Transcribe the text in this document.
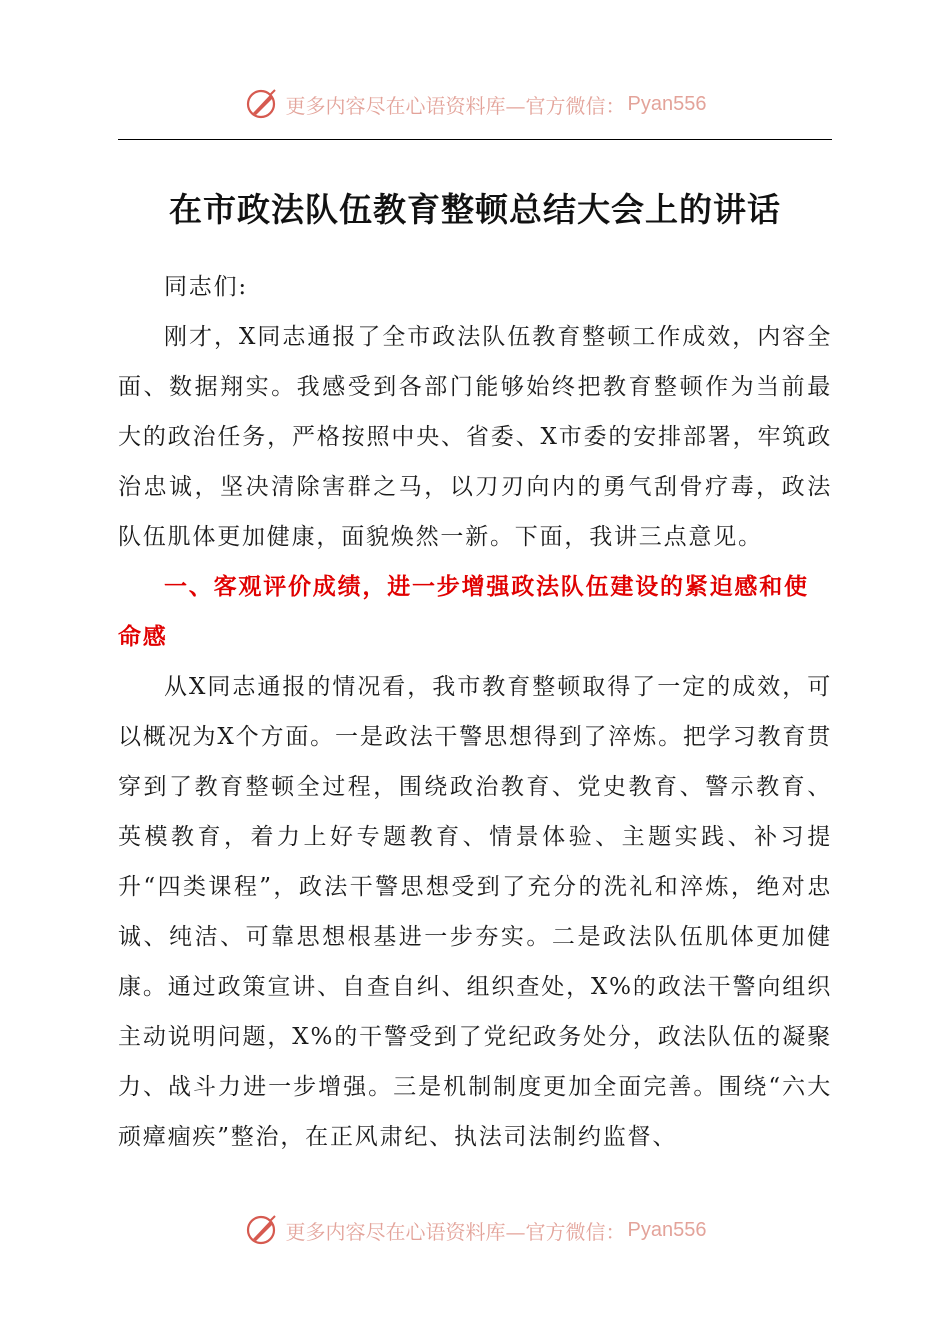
更多内容尽在心语资料库—官方微信： Pyan556
在市政法队伍教育整顿总结大会上的讲话

同志们:

刚才，X同志通报了全市政法队伍教育整顿工作成效，内容全面、数据翔实。我感受到各部门能够始终把教育整顿作为当前最大的政治任务，严格按照中央、省委、X市委的安排部署，牢筑政治忠诚，坚决清除害群之马，以刀刃向内的勇气刮骨疗毒，政法队伍肌体更加健康，面貌焕然一新。下面，我讲三点意见。

一、客观评价成绩，进一步增强政法队伍建设的紧迫感和使命感

从X同志通报的情况看，我市教育整顿取得了一定的成效，可以概况为X个方面。一是政法干警思想得到了淬炼。把学习教育贯穿到了教育整顿全过程，围绕政治教育、党史教育、警示教育、英模教育，着力上好专题教育、情景体验、主题实践、补习提升“四类课程”，政法干警思想受到了充分的洗礼和淬炼，绝对忠诚、纯洁、可靠思想根基进一步夯实。二是政法队伍肌体更加健康。通过政策宣讲、自查自纠、组织查处，X%的政法干警向组织主动说明问题，X%的干警受到了党纪政务处分，政法队伍的凝聚力、战斗力进一步增强。三是机制制度更加全面完善。围绕“六大顽瘴痼疾”整治，在正风肃纪、执法司法制约监督、

更多内容尽在心语资料库—官方微信： Pyan556
